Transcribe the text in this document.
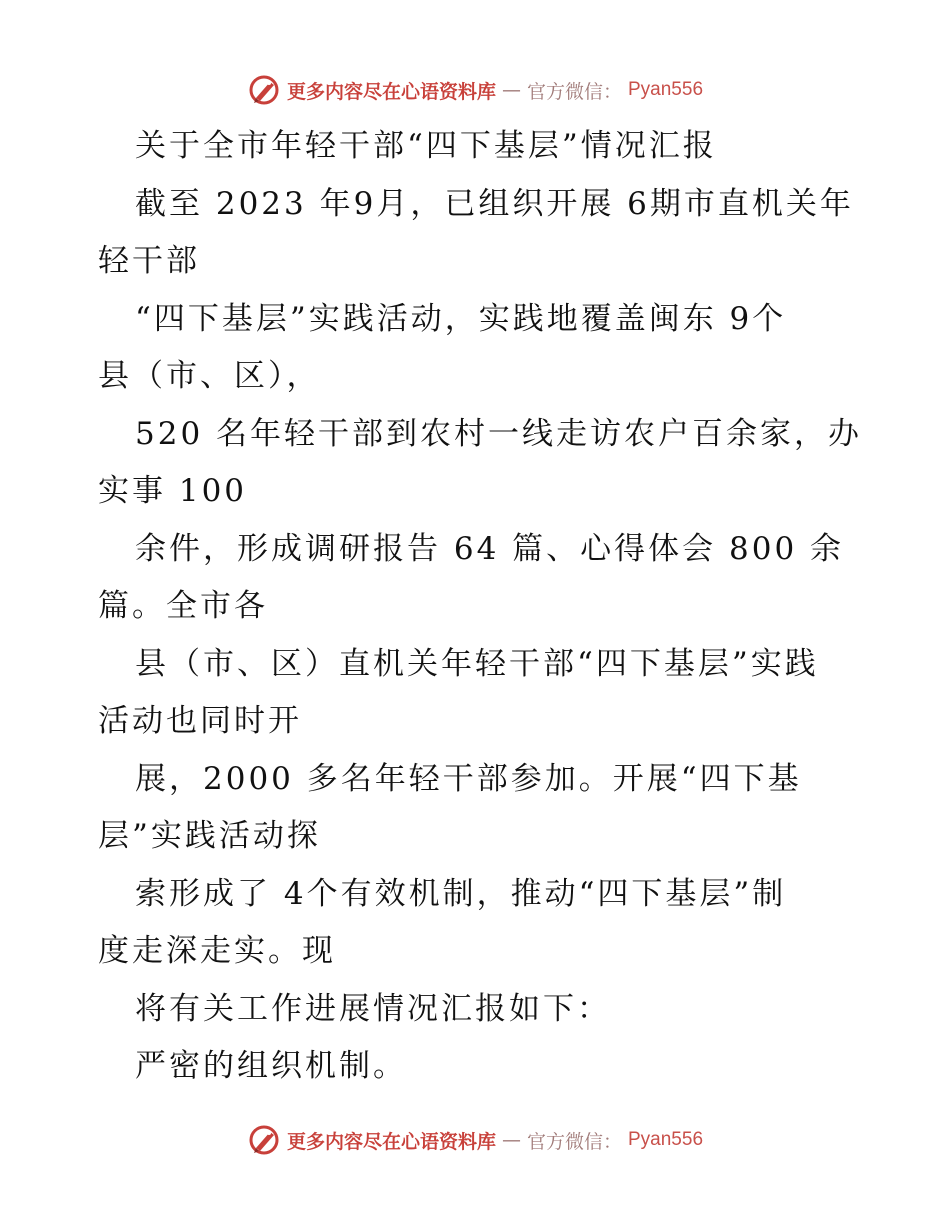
更多内容尽在心语资料库 — 官方微信： Pyan556
关于全市年轻干部“四下基层”情况汇报
截至 2023 年9月，已组织开展 6期市直机关年
轻干部
“四下基层”实践活动，实践地覆盖闽东 9个
县（市、区），
520 名年轻干部到农村一线走访农户百余家，办
实事 100
余件，形成调研报告 64 篇、心得体会 800 余
篇。全市各
县（市、区）直机关年轻干部“四下基层”实践
活动也同时开
展，2000 多名年轻干部参加。开展“四下基
层”实践活动探
索形成了 4个有效机制，推动“四下基层”制
度走深走实。现
将有关工作进展情况汇报如下：
严密的组织机制。
更多内容尽在心语资料库 — 官方微信： Pyan556
